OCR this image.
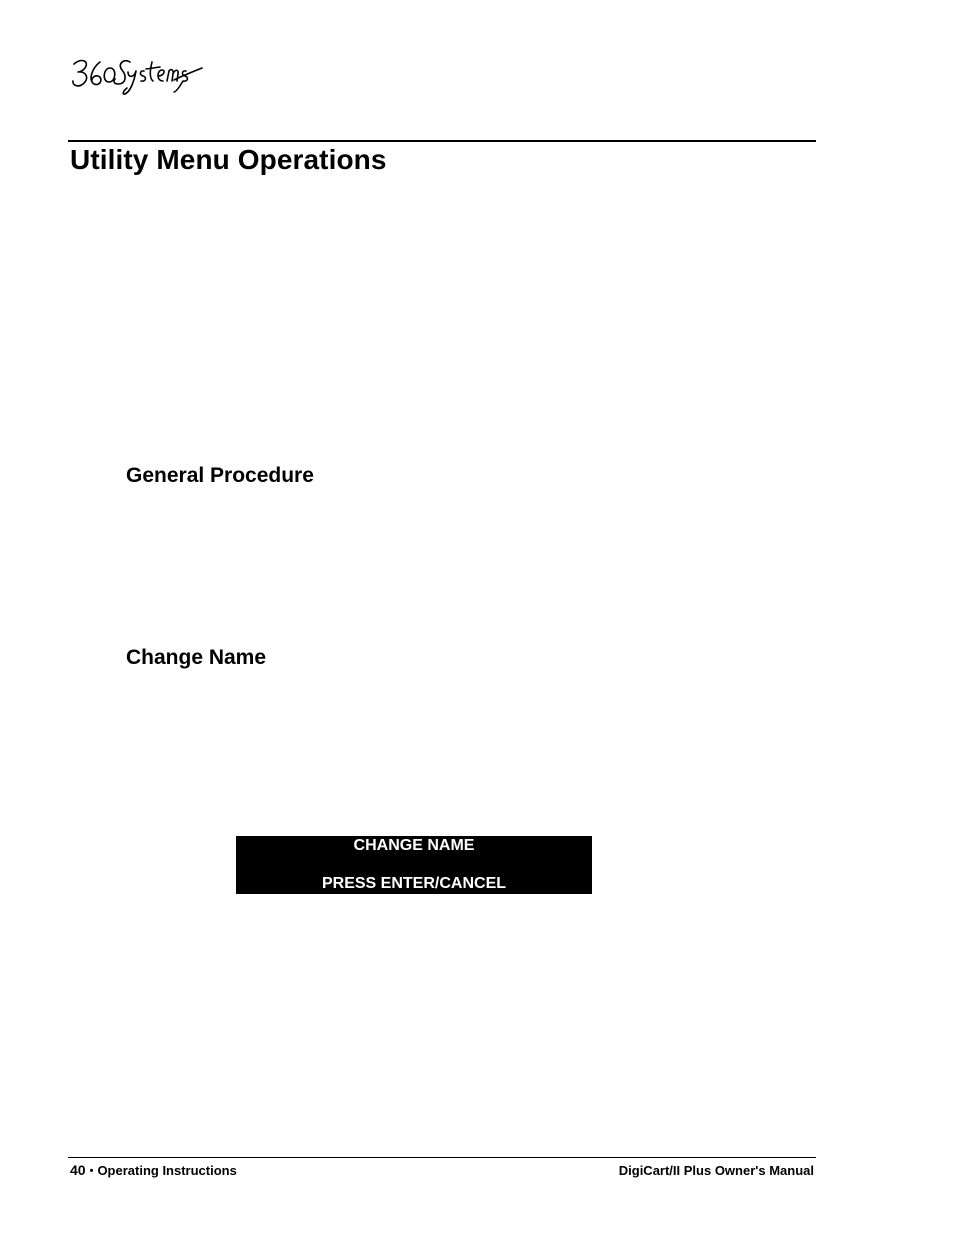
Utility Menu Operations
General Procedure
Change Name
CHANGE NAME
PRESS ENTER/CANCEL
40 • Operating Instructions	DigiCart/II Plus Owner's Manual
